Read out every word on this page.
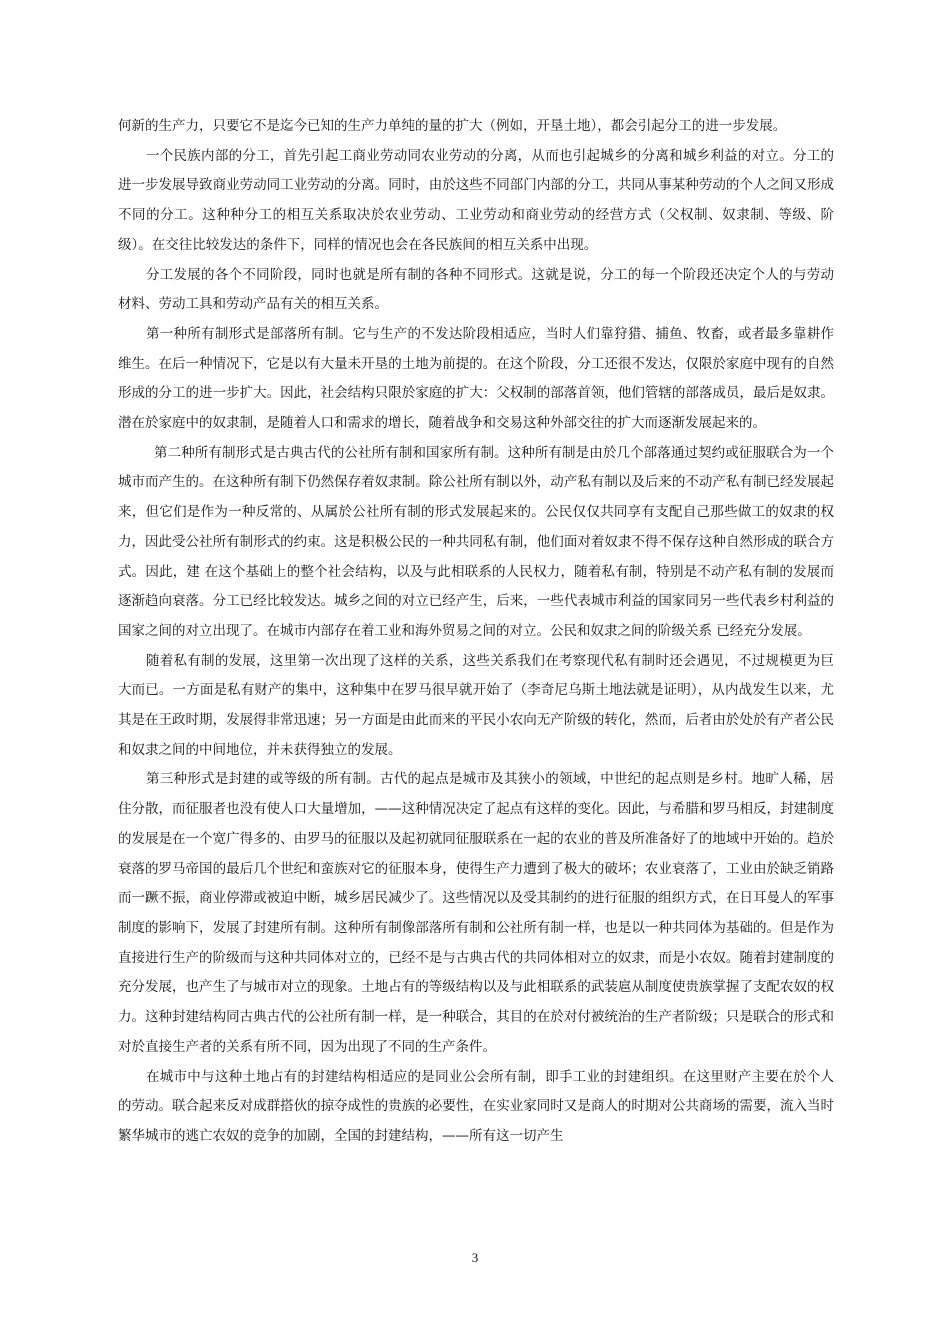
何新的生产力，只要它不是迄今已知的生产力单纯的量的扩大（例如，开垦土地），都会引起分工的进一步发展。

一个民族内部的分工，首先引起工商业劳动同农业劳动的分离，从而也引起城乡的分离和城乡利益的对立。分工的进一步发展导致商业劳动同工业劳动的分离。同时，由於这些不同部门内部的分工，共同从事某种劳动的个人之间又形成不同的分工。这种种分工的相互关系取决於农业劳动、工业劳动和商业劳动的经营方式（父权制、奴隶制、等级、阶级）。在交往比较发达的条件下，同样的情况也会在各民族间的相互关系中出现。

分工发展的各个不同阶段，同时也就是所有制的各种不同形式。这就是说，分工的每一个阶段还决定个人的与劳动材料、劳动工具和劳动产品有关的相互关系。

第一种所有制形式是部落所有制。它与生产的不发达阶段相适应，当时人们靠狩猎、捕鱼、牧畜，或者最多靠耕作维生。在后一种情况下，它是以有大量未开垦的土地为前提的。在这个阶段，分工还很不发达，仅限於家庭中现有的自然形成的分工的进一步扩大。因此，社会结构只限於家庭的扩大：父权制的部落首领，他们管辖的部落成员，最后是奴隶。潜在於家庭中的奴隶制，是随着人口和需求的增长，随着战争和交易这种外部交往的扩大而逐渐发展起来的。

第二种所有制形式是古典古代的公社所有制和国家所有制。这种所有制是由於几个部落通过契约或征服联合为一个城市而产生的。在这种所有制下仍然保存着奴隶制。除公社所有制以外，动产私有制以及后来的不动产私有制已经发展起来，但它们是作为一种反常的、从属於公社所有制的形式发展起来的。公民仅仅共同享有支配自己那些做工的奴隶的权力，因此受公社所有制形式的约束。这是积极公民的一种共同私有制，他们面对着奴隶不得不保存这种自然形成的联合方式。因此，建 在这个基础上的整个社会结构，以及与此相联系的人民权力，随着私有制，特别是不动产私有制的发展而逐渐趋向衰落。分工已经比较发达。城乡之间的对立已经产生，后来，一些代表城市利益的国家同另一些代表乡村利益的国家之间的对立出现了。在城市内部存在着工业和海外贸易之间的对立。公民和奴隶之间的阶级关系 已经充分发展。

随着私有制的发展，这里第一次出现了这样的关系，这些关系我们在考察现代私有制时还会遇见，不过规模更为巨大而已。一方面是私有财产的集中，这种集中在罗马很早就开始了（李奇尼乌斯土地法就是证明），从内战发生以来，尤其是在王政时期，发展得非常迅速；另一方面是由此而来的平民小农向无产阶级的转化，然而，后者由於处於有产者公民和奴隶之间的中间地位，并未获得独立的发展。

第三种形式是封建的或等级的所有制。古代的起点是城市及其狭小的领域，中世纪的起点则是乡村。地旷人稀，居住分散，而征服者也没有使人口大量增加，——这种情况决定了起点有这样的变化。因此，与希腊和罗马相反，封建制度的发展是在一个宽广得多的、由罗马的征服以及起初就同征服联系在一起的农业的普及所准备好了的地域中开始的。趋於衰落的罗马帝国的最后几个世纪和蛮族对它的征服本身，使得生产力遭到了极大的破坏；农业衰落了，工业由於缺乏销路而一蹶不振，商业停滞或被迫中断，城乡居民减少了。这些情况以及受其制约的进行征服的组织方式，在日耳曼人的军事制度的影响下，发展了封建所有制。这种所有制像部落所有制和公社所有制一样，也是以一种共同体为基础的。但是作为直接进行生产的阶级而与这种共同体对立的，已经不是与古典古代的共同体相对立的奴隶，而是小农奴。随着封建制度的充分发展，也产生了与城市对立的现象。土地占有的等级结构以及与此相联系的武装扈从制度使贵族掌握了支配农奴的权力。这种封建结构同古典古代的公社所有制一样，是一种联合，其目的在於对付被统治的生产者阶级；只是联合的形式和对於直接生产者的关系有所不同，因为出现了不同的生产条件。

在城市中与这种土地占有的封建结构相适应的是同业公会所有制，即手工业的封建组织。在这里财产主要在於个人的劳动。联合起来反对成群搭伙的掠夺成性的贵族的必要性，在实业家同时又是商人的时期对公共商场的需要，流入当时繁华城市的逃亡农奴的竞争的加剧，全国的封建结构，——所有这一切产生

3
